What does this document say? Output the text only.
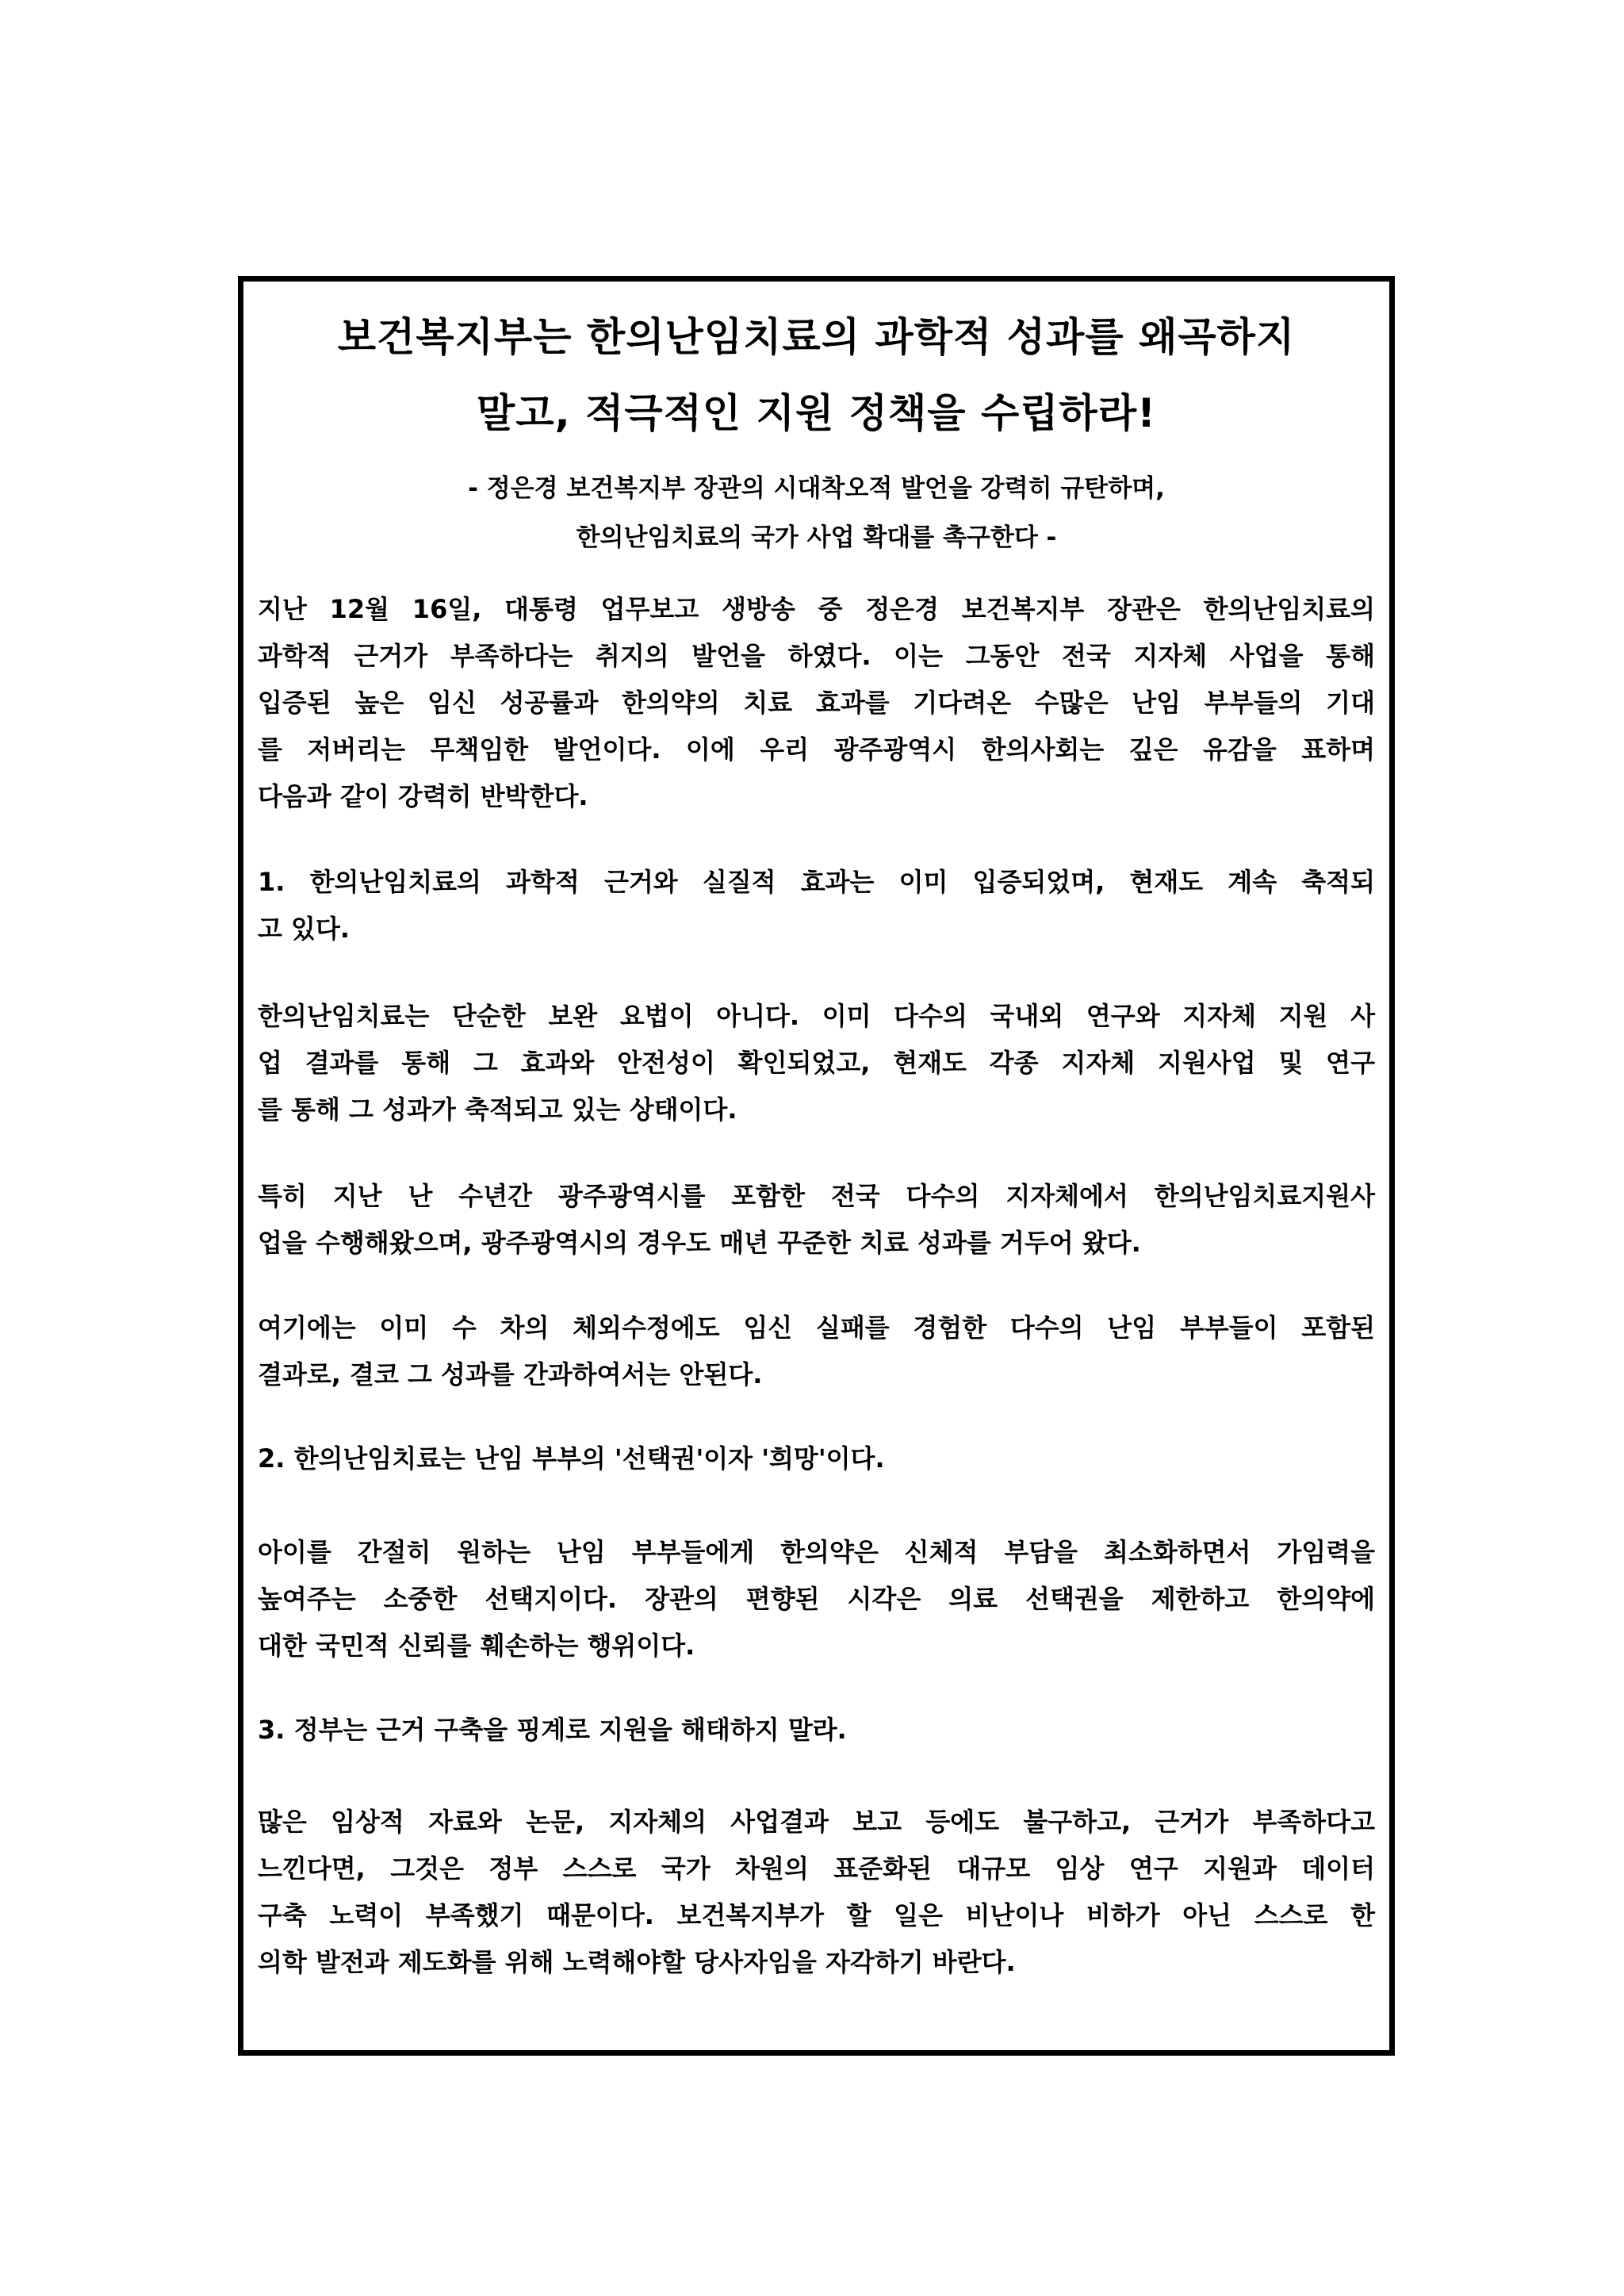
보건복지부는 한의난임치료의 과학적 성과를 왜곡하지
말고, 적극적인 지원 정책을 수립하라!
- 정은경 보건복지부 장관의 시대착오적 발언을 강력히 규탄하며,
한의난임치료의 국가 사업 확대를 촉구한다 -
지난 12월 16일, 대통령 업무보고 생방송 중 정은경 보건복지부 장관은 한의난임치료의
과학적 근거가 부족하다는 취지의 발언을 하였다. 이는 그동안 전국 지자체 사업을 통해
입증된 높은 임신 성공률과 한의약의 치료 효과를 기다려온 수많은 난임 부부들의 기대
를 저버리는 무책임한 발언이다. 이에 우리 광주광역시 한의사회는 깊은 유감을 표하며
다음과 같이 강력히 반박한다.
1. 한의난임치료의 과학적 근거와 실질적 효과는 이미 입증되었며, 현재도 계속 축적되
고 있다.
한의난임치료는 단순한 보완 요법이 아니다. 이미 다수의 국내외 연구와 지자체 지원 사
업 결과를 통해 그 효과와 안전성이 확인되었고, 현재도 각종 지자체 지원사업 및 연구
를 통해 그 성과가 축적되고 있는 상태이다.
특히 지난 난 수년간 광주광역시를 포함한 전국 다수의 지자체에서 한의난임치료지원사
업을 수행해왔으며, 광주광역시의 경우도 매년 꾸준한 치료 성과를 거두어 왔다.
여기에는 이미 수 차의 체외수정에도 임신 실패를 경험한 다수의 난임 부부들이 포함된
결과로, 결코 그 성과를 간과하여서는 안된다.
2. 한의난임치료는 난임 부부의 '선택권'이자 '희망'이다.
아이를 간절히 원하는 난임 부부들에게 한의약은 신체적 부담을 최소화하면서 가임력을
높여주는 소중한 선택지이다. 장관의 편향된 시각은 의료 선택권을 제한하고 한의약에
대한 국민적 신뢰를 훼손하는 행위이다.
3. 정부는 근거 구축을 핑계로 지원을 해태하지 말라.
많은 임상적 자료와 논문, 지자체의 사업결과 보고 등에도 불구하고, 근거가 부족하다고
느낀다면, 그것은 정부 스스로 국가 차원의 표준화된 대규모 임상 연구 지원과 데이터
구축 노력이 부족했기 때문이다. 보건복지부가 할 일은 비난이나 비하가 아닌 스스로 한
의학 발전과 제도화를 위해 노력해야할 당사자임을 자각하기 바란다.
